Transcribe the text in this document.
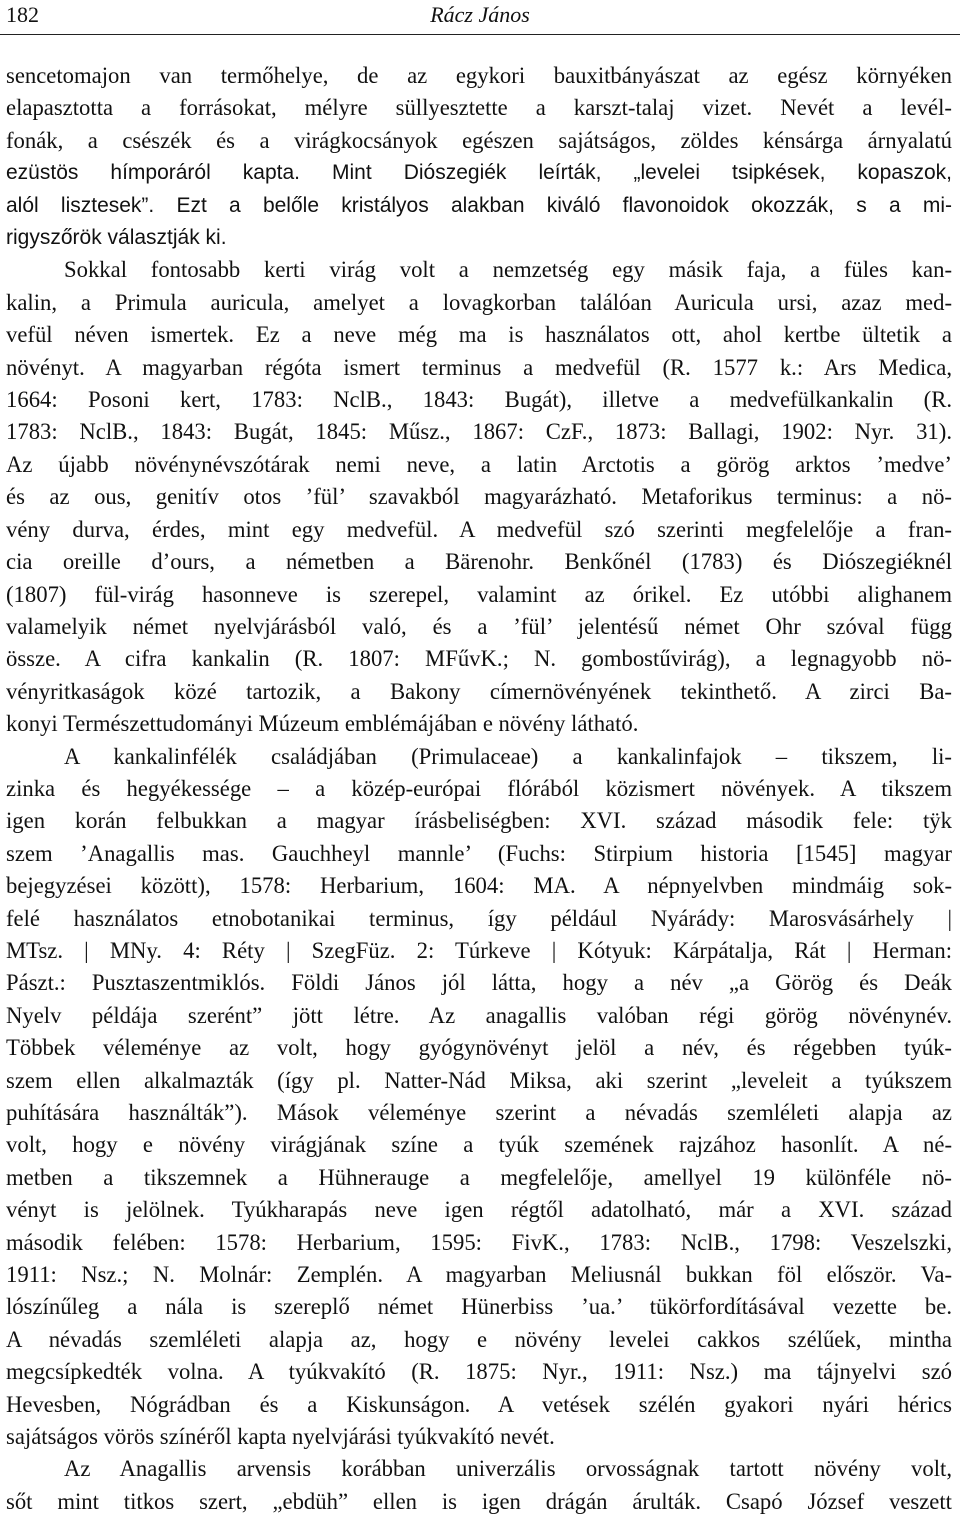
182	Rácz János

sencetomajon van termőhelye, de az egykori bauxitbányászat az egész környéken
elapasztotta a forrásokat, mélyre süllyesztette a karszt-talaj vizet. Nevét a levél-
fonák, a csészék és a virágkocsányok egészen sajátságos, zöldes kénsárga árnyalatú
ezüstös hímporáról kapta. Mint Diószegiék leírták, „levelei tsipkések, kopaszok,
alól lisztesek”. Ezt a belőle kristályos alakban kiváló flavonoidok okozzák, s a mi-
rigyszőrök választják ki.

Sokkal fontosabb kerti virág volt a nemzetség egy másik faja, a füles kan-
kalin, a Primula auricula, amelyet a lovagkorban találóan Auricula ursi, azaz med-
vefül néven ismertek. Ez a neve még ma is használatos ott, ahol kertbe ültetik a
növényt. A magyarban régóta ismert terminus a medvefül (R. 1577 k.: Ars Medica,
1664: Posoni kert, 1783: NclB., 1843: Bugát), illetve a medvefülkankalin (R.
1783: NclB., 1843: Bugát, 1845: Műsz., 1867: CzF., 1873: Ballagi, 1902: Nyr. 31).
Az újabb növénynévszótárak nemi neve, a latin Arctotis a görög arktos ’medve’
és az ous, genitív otos ’fül’ szavakból magyarázható. Metaforikus terminus: a nö-
vény durva, érdes, mint egy medvefül. A medvefül szó szerinti megfelelője a fran-
cia oreille d’ours, a németben a Bärenohr. Benkőnél (1783) és Diószegiéknél
(1807) fül-virág hasonneve is szerepel, valamint az órikel. Ez utóbbi alighanem
valamelyik német nyelvjárásból való, és a ’fül’ jelentésű német Ohr szóval függ
össze. A cifra kankalin (R. 1807: MFűvK.; N. gombostűvirág), a legnagyobb nö-
vényritkaságok közé tartozik, a Bakony címernövényének tekinthető. A zirci Ba-
konyi Természettudományi Múzeum emblémájában e növény látható.

A kankalinfélék családjában (Primulaceae) a kankalinfajok – tikszem, li-
zinka és hegyékessége – a közép-európai flórából közismert növények. A tikszem
igen korán felbukkan a magyar írásbeliségben: XVI. század második fele: tÿk
szem ’Anagallis mas. Gauchheyl mannle’ (Fuchs: Stirpium historia [1545] magyar
bejegyzései között), 1578: Herbarium, 1604: MA. A népnyelvben mindmáig sok-
felé használatos etnobotanikai terminus, így például Nyárády: Marosvásárhely |
MTsz. | MNy. 4: Réty | SzegFüz. 2: Túrkeve | Kótyuk: Kárpátalja, Rát | Herman:
Pászt.: Pusztaszentmiklós. Földi János jól látta, hogy a név „a Görög és Deák
Nyelv példája szerént” jött létre. Az anagallis valóban régi görög növénynév.
Többek véleménye az volt, hogy gyógynövényt jelöl a név, és régebben tyúk-
szem ellen alkalmazták (így pl. Natter-Nád Miksa, aki szerint „leveleit a tyúkszem
puhítására használták”). Mások véleménye szerint a névadás szemléleti alapja az
volt, hogy e növény virágjának színe a tyúk szemének rajzához hasonlít. A né-
metben a tikszemnek a Hühnerauge a megfelelője, amellyel 19 különféle nö-
vényt is jelölnek. Tyúkharapás neve igen régtől adatolható, már a XVI. század
második felében: 1578: Herbarium, 1595: FivK., 1783: NclB., 1798: Veszelszki,
1911: Nsz.; N. Molnár: Zemplén. A magyarban Meliusnál bukkan föl először. Va-
lószínűleg a nála is szereplő német Hünerbiss ’ua.’ tükörfordításával vezette be.
A névadás szemléleti alapja az, hogy e növény levelei cakkos szélűek, mintha
megcsípkedték volna. A tyúkvakító (R. 1875: Nyr., 1911: Nsz.) ma tájnyelvi szó
Hevesben, Nógrádban és a Kiskunságon. A vetések szélén gyakori nyári hérics
sajátságos vörös színéről kapta nyelvjárási tyúkvakító nevét.

Az Anagallis arvensis korábban univerzális orvosságnak tartott növény volt,
sőt mint titkos szert, „ebdüh” ellen is igen drágán árulták. Csapó József veszett
